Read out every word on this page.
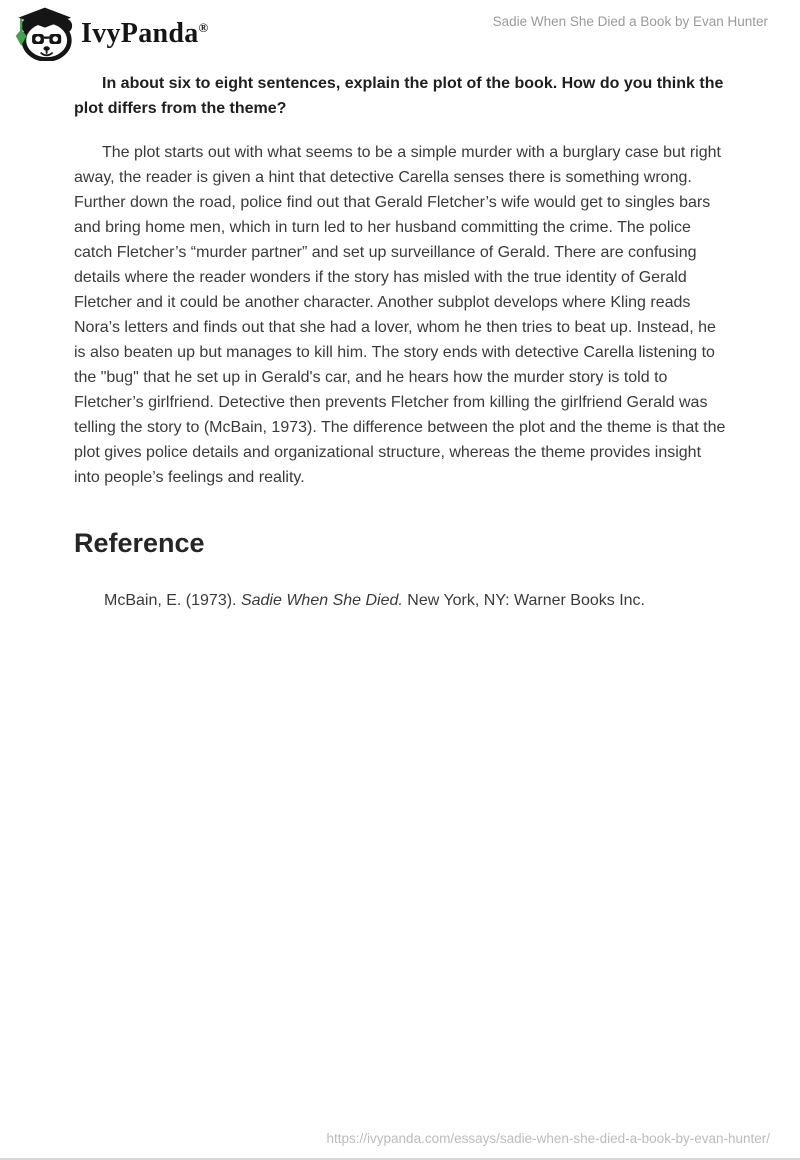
IvyPanda®	Sadie When She Died a Book by Evan Hunter
In about six to eight sentences, explain the plot of the book. How do you think the plot differs from the theme?
The plot starts out with what seems to be a simple murder with a burglary case but right away, the reader is given a hint that detective Carella senses there is something wrong. Further down the road, police find out that Gerald Fletcher’s wife would get to singles bars and bring home men, which in turn led to her husband committing the crime. The police catch Fletcher’s “murder partner” and set up surveillance of Gerald. There are confusing details where the reader wonders if the story has misled with the true identity of Gerald Fletcher and it could be another character. Another subplot develops where Kling reads Nora’s letters and finds out that she had a lover, whom he then tries to beat up. Instead, he is also beaten up but manages to kill him. The story ends with detective Carella listening to the "bug" that he set up in Gerald's car, and he hears how the murder story is told to Fletcher’s girlfriend. Detective then prevents Fletcher from killing the girlfriend Gerald was telling the story to (McBain, 1973). The difference between the plot and the theme is that the plot gives police details and organizational structure, whereas the theme provides insight into people’s feelings and reality.
Reference
McBain, E. (1973). Sadie When She Died. New York, NY: Warner Books Inc.
https://ivypanda.com/essays/sadie-when-she-died-a-book-by-evan-hunter/
